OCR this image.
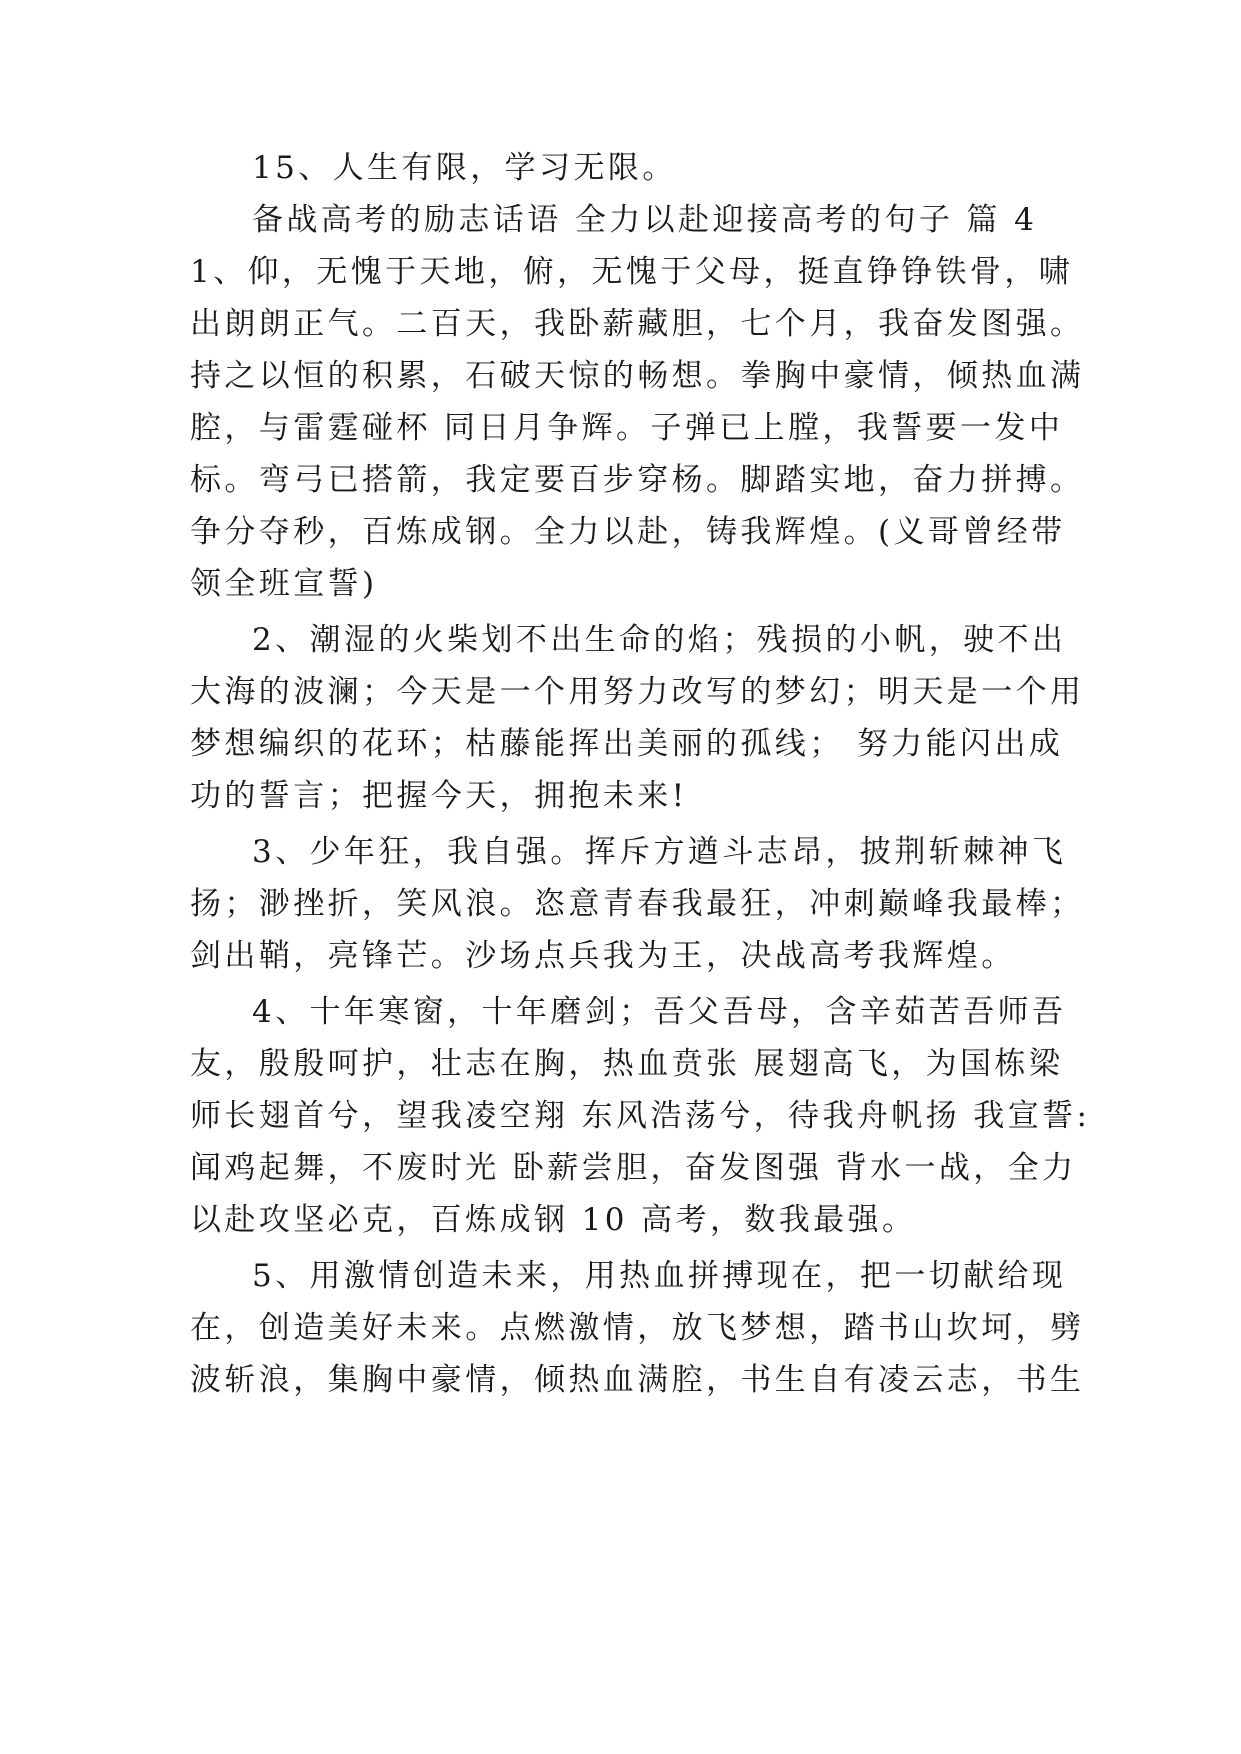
15、人生有限，学习无限。
备战高考的励志话语 全力以赴迎接高考的句子 篇 4
1、仰，无愧于天地，俯，无愧于父母，挺直铮铮铁骨，啸
出朗朗正气。二百天，我卧薪藏胆，七个月，我奋发图强。
持之以恒的积累，石破天惊的畅想。拳胸中豪情，倾热血满
腔，与雷霆碰杯 同日月争辉。子弹已上膛，我誓要一发中
标。弯弓已搭箭，我定要百步穿杨。脚踏实地，奋力拼搏。
争分夺秒，百炼成钢。全力以赴，铸我辉煌。(义哥曾经带
领全班宣誓)
2、潮湿的火柴划不出生命的焰；残损的小帆，驶不出
大海的波澜；今天是一个用努力改写的梦幻；明天是一个用
梦想编织的花环；枯藤能挥出美丽的孤线； 努力能闪出成
功的誓言；把握今天，拥抱未来!
3、少年狂，我自强。挥斥方遒斗志昂，披荆斩棘神飞
扬；渺挫折，笑风浪。恣意青春我最狂，冲刺巅峰我最棒；
剑出鞘，亮锋芒。沙场点兵我为王，决战高考我辉煌。
4、十年寒窗，十年磨剑；吾父吾母，含辛茹苦吾师吾
友，殷殷呵护，壮志在胸，热血贲张 展翅高飞，为国栋梁
师长翅首兮，望我凌空翔 东风浩荡兮，待我舟帆扬 我宣誓:
闻鸡起舞，不废时光 卧薪尝胆，奋发图强 背水一战，全力
以赴攻坚必克，百炼成钢 10 高考，数我最强。
5、用激情创造未来，用热血拼搏现在，把一切献给现
在，创造美好未来。点燃激情，放飞梦想，踏书山坎坷，劈
波斩浪，集胸中豪情，倾热血满腔，书生自有凌云志，书生
